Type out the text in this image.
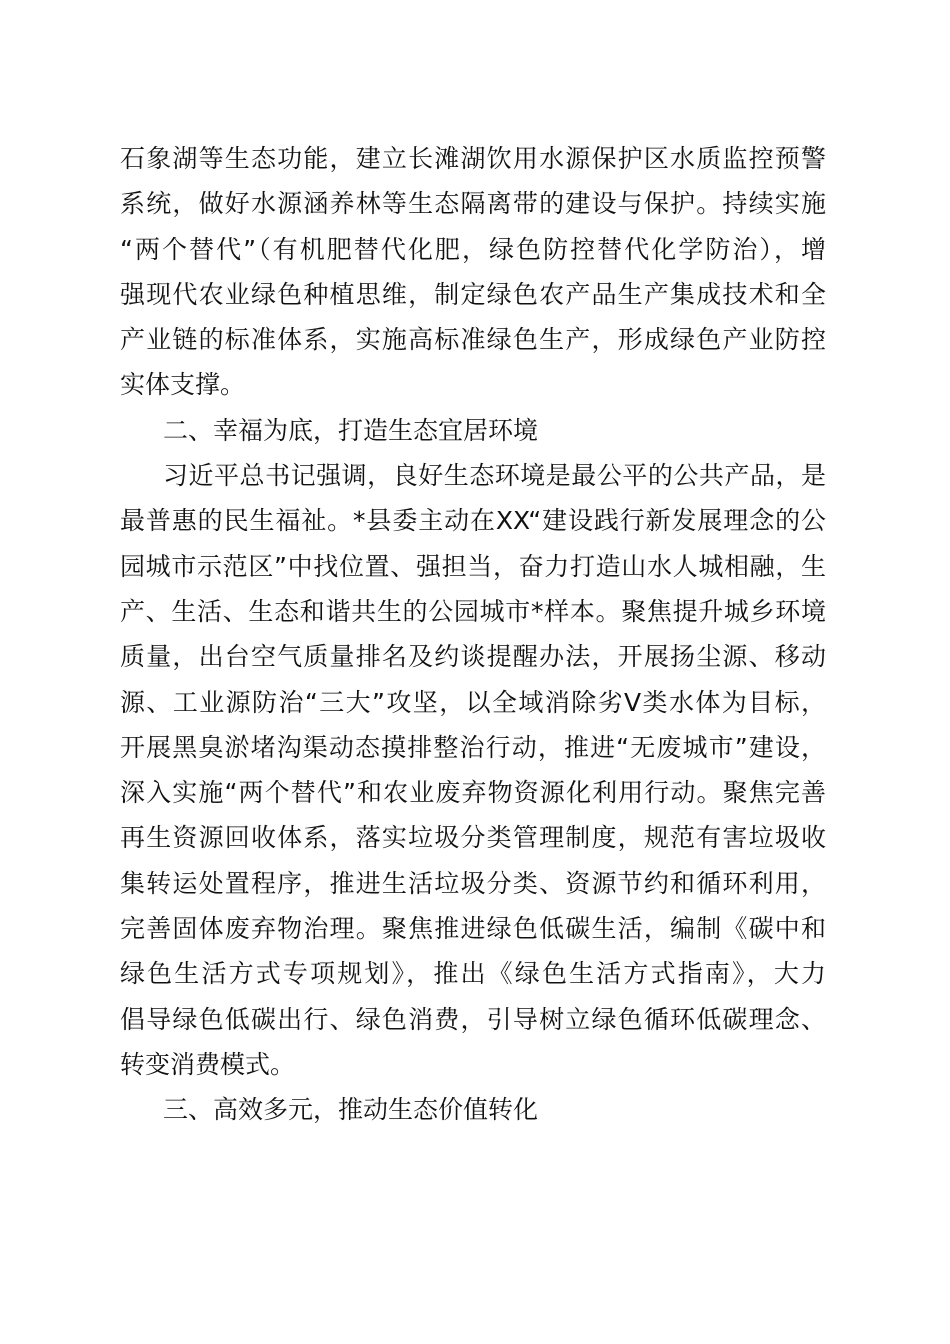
石象湖等生态功能，建立长滩湖饮用水源保护区水质监控预警
系统，做好水源涵养林等生态隔离带的建设与保护。持续实施
“两个替代”（有机肥替代化肥，绿色防控替代化学防治），增
强现代农业绿色种植思维，制定绿色农产品生产集成技术和全
产业链的标准体系，实施高标准绿色生产，形成绿色产业防控
实体支撑。
二、幸福为底，打造生态宜居环境
习近平总书记强调，良好生态环境是最公平的公共产品，是
最普惠的民生福祉。*县委主动在XX“建设践行新发展理念的公
园城市示范区”中找位置、强担当，奋力打造山水人城相融，生
产、生活、生态和谐共生的公园城市*样本。聚焦提升城乡环境
质量，出台空气质量排名及约谈提醒办法，开展扬尘源、移动
源、工业源防治“三大”攻坚，以全域消除劣V类水体为目标，
开展黑臭淤堵沟渠动态摸排整治行动，推进“无废城市”建设，
深入实施“两个替代”和农业废弃物资源化利用行动。聚焦完善
再生资源回收体系，落实垃圾分类管理制度，规范有害垃圾收
集转运处置程序，推进生活垃圾分类、资源节约和循环利用，
完善固体废弃物治理。聚焦推进绿色低碳生活，编制《碳中和
绿色生活方式专项规划》，推出《绿色生活方式指南》，大力
倡导绿色低碳出行、绿色消费，引导树立绿色循环低碳理念、
转变消费模式。
三、高效多元，推动生态价值转化
